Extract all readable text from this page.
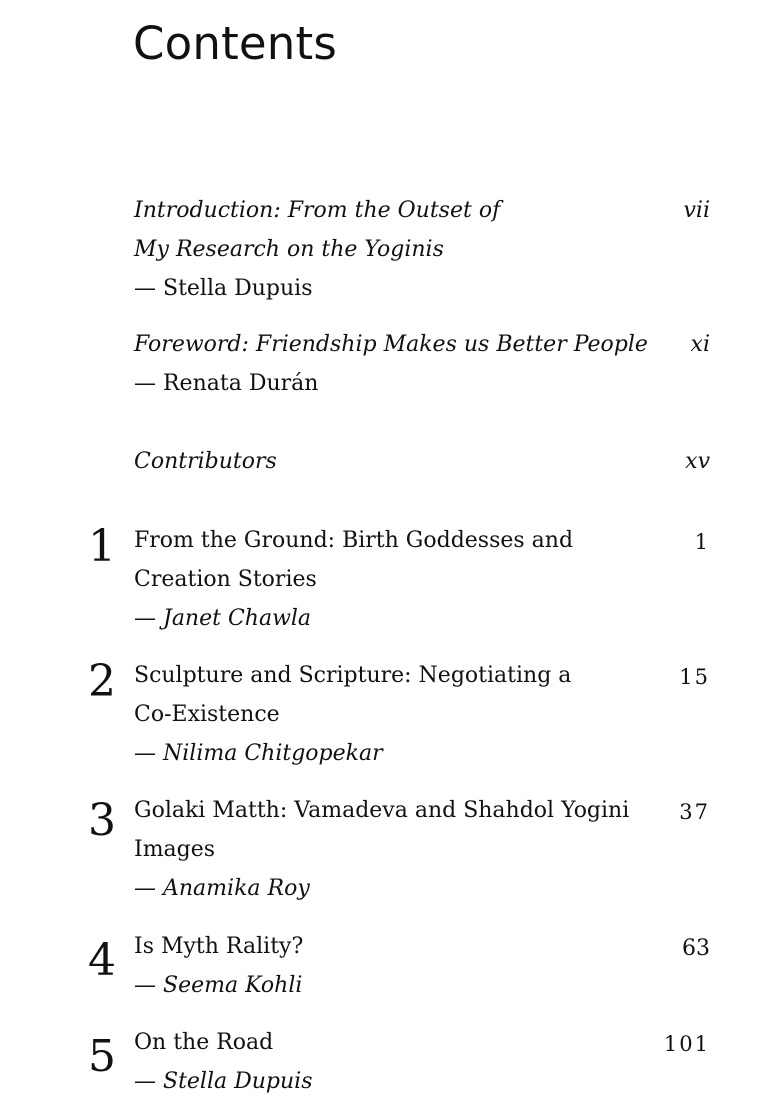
Contents
Introduction: From the Outset of
My Research on the Yoginis
— Stella Dupuis
vii
Foreword: Friendship Makes us Better People
— Renata Durán
xi
Contributors	xv
1 From the Ground: Birth Goddesses and
Creation Stories
— Janet Chawla
1
2 Sculpture and Scripture: Negotiating a
Co-Existence
— Nilima Chitgopekar
15
3 Golaki Matth: Vamadeva and Shahdol Yogini
Images
— Anamika Roy
37
4 Is Myth Rality?
— Seema Kohli
63
5 On the Road
— Stella Dupuis
101
